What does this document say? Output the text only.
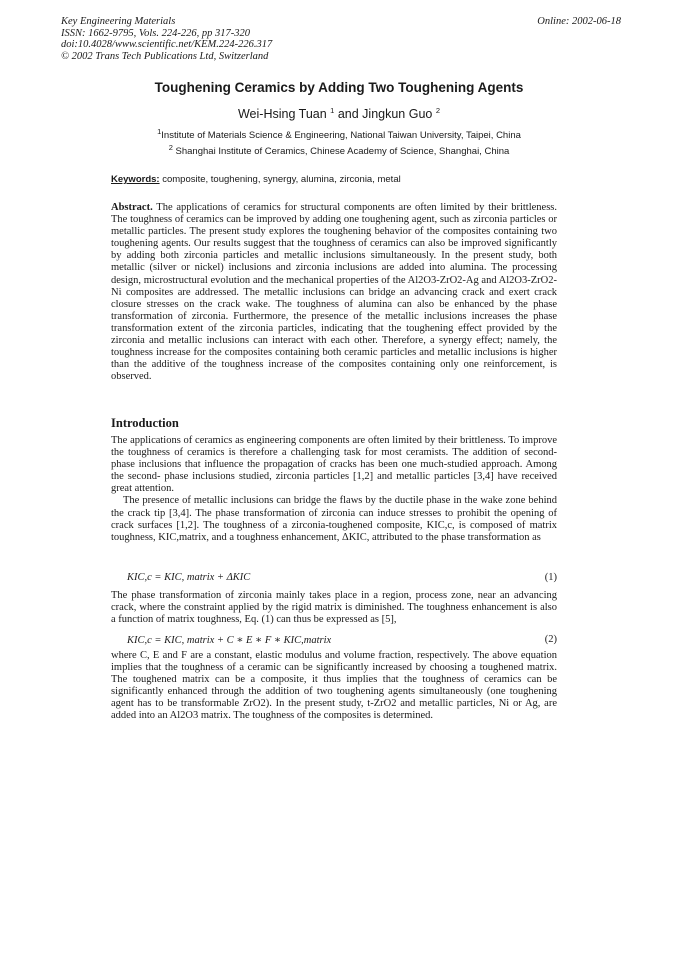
Key Engineering Materials
ISSN: 1662-9795, Vols. 224-226, pp 317-320
doi:10.4028/www.scientific.net/KEM.224-226.317
© 2002 Trans Tech Publications Ltd, Switzerland
Online: 2002-06-18
Toughening Ceramics by Adding Two Toughening Agents
Wei-Hsing Tuan $^1$ and Jingkun Guo $^2$
$^1$Institute of Materials Science & Engineering, National Taiwan University, Taipei, China
$^2$ Shanghai Institute of Ceramics, Chinese Academy of Science, Shanghai, China
Keywords: composite, toughening, synergy, alumina, zirconia, metal

Abstract. The applications of ceramics for structural components are often limited by their brittleness. The toughness of ceramics can be improved by adding one toughening agent, such as zirconia particles or metallic particles. The present study explores the toughening behavior of the composites containing two toughening agents. Our results suggest that the toughness of ceramics can also be improved significantly by adding both zirconia particles and metallic inclusions simultaneously. In the present study, both metallic (silver or nickel) inclusions and zirconia inclusions are added into alumina. The processing design, microstructural evolution and the mechanical properties of the Al2O3-ZrO2-Ag and Al2O3-ZrO2-Ni composites are addressed. The metallic inclusions can bridge an advancing crack and exert crack closure stresses on the crack wake. The toughness of alumina can also be enhanced by the phase transformation of zirconia. Furthermore, the presence of the metallic inclusions increases the phase transformation extent of the zirconia particles, indicating that the toughening effect provided by the zirconia and metallic inclusions can interact with each other. Therefore, a synergy effect; namely, the toughness increase for the composites containing both ceramic particles and metallic inclusions is higher than the additive of the toughness increase of the composites containing only one reinforcement, is observed.

Introduction

The applications of ceramics as engineering components are often limited by their brittleness. To improve the toughness of ceramics is therefore a challenging task for most ceramists. The addition of second-phase inclusions that influence the propagation of cracks has been one much-studied approach. Among the second- phase inclusions studied, zirconia particles [1,2] and metallic particles [3,4] have received great attention.

The presence of metallic inclusions can bridge the flaws by the ductile phase in the wake zone behind the crack tip [3,4]. The phase transformation of zirconia can induce stresses to prohibit the opening of crack surfaces [1,2]. The toughness of a zirconia-toughened composite, KIC,c, is composed of matrix toughness, KIC,matrix, and a toughness enhancement, ΔKIC, attributed to the phase transformation as

KIC,c = KIC, matrix + ΔKIC	(1)

The phase transformation of zirconia mainly takes place in a region, process zone, near an advancing crack, where the constraint applied by the rigid matrix is diminished. The toughness enhancement is also a function of matrix toughness, Eq. (1) can thus be expressed as [5],

KIC,c = KIC, matrix + C ∗ E ∗ F ∗ KIC,matrix	(2)

where C, E and F are a constant, elastic modulus and volume fraction, respectively. The above equation implies that the toughness of a ceramic can be significantly increased by choosing a toughened matrix. The toughened matrix can be a composite, it thus implies that the toughness of ceramics can be significantly enhanced through the addition of two toughening agents simultaneously (one toughening agent has to be transformable ZrO2). In the present study, t-ZrO2 and metallic particles, Ni or Ag, are added into an Al2O3 matrix. The toughness of the composites is determined.
